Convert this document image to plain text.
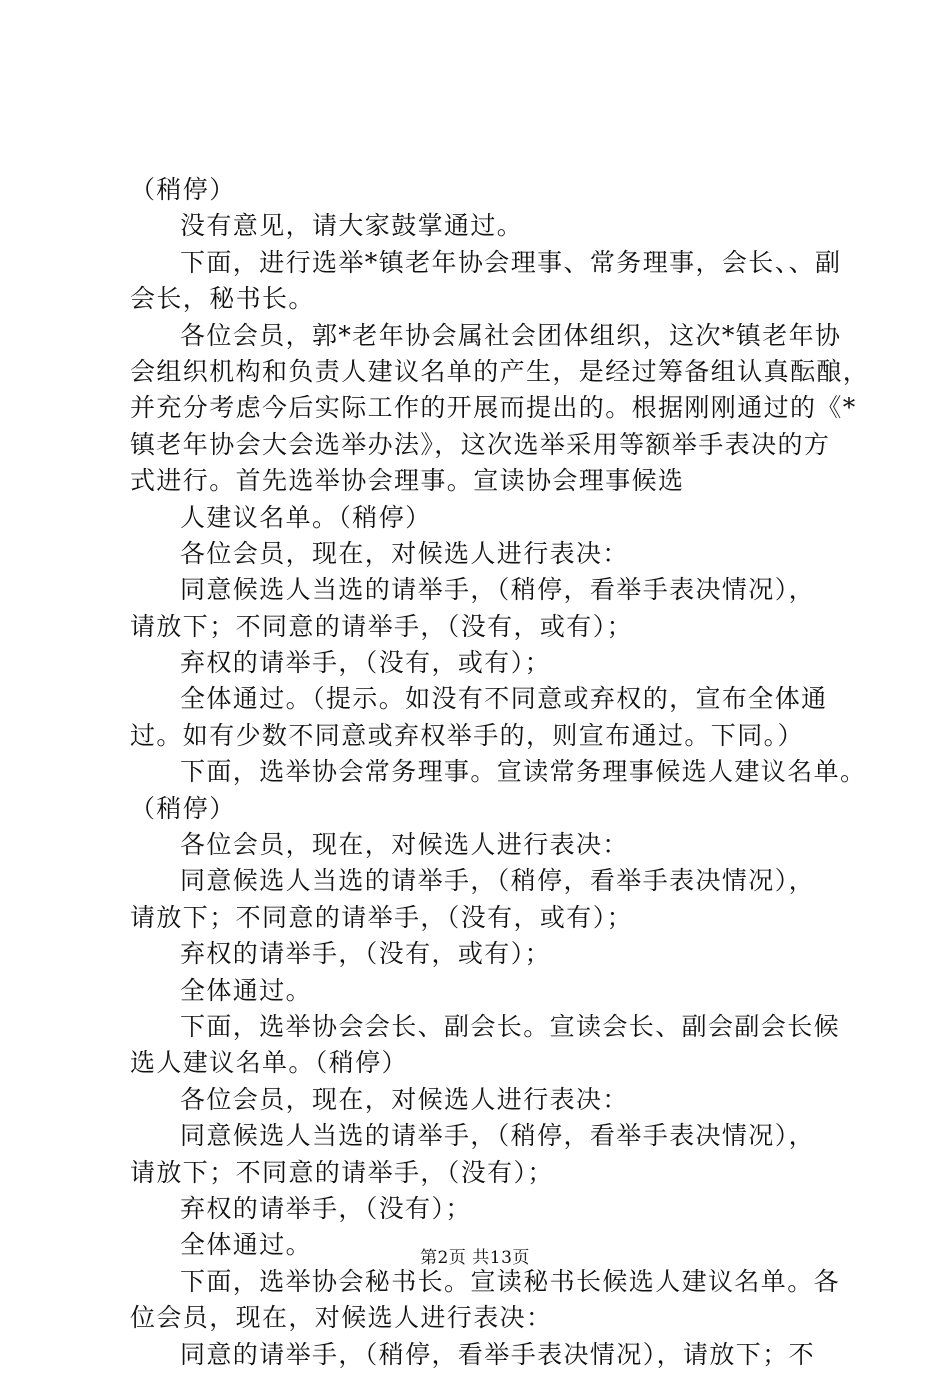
（稍停）
没有意见，请大家鼓掌通过。
下面，进行选举*镇老年协会理事、常务理事，会长、、副
会长，秘书长。
各位会员，郭*老年协会属社会团体组织，这次*镇老年协
会组织机构和负责人建议名单的产生，是经过筹备组认真酝酿，
并充分考虑今后实际工作的开展而提出的。根据刚刚通过的《*
镇老年协会大会选举办法》，这次选举采用等额举手表决的方
式进行。首先选举协会理事。宣读协会理事候选
人建议名单。（稍停）
各位会员，现在，对候选人进行表决：
同意候选人当选的请举手，（稍停，看举手表决情况），
请放下；不同意的请举手，（没有，或有）；
弃权的请举手，（没有，或有）；
全体通过。（提示。如没有不同意或弃权的，宣布全体通
过。如有少数不同意或弃权举手的，则宣布通过。下同。）
下面，选举协会常务理事。宣读常务理事候选人建议名单。
（稍停）
各位会员，现在，对候选人进行表决：
同意候选人当选的请举手，（稍停，看举手表决情况），
请放下；不同意的请举手，（没有，或有）；
弃权的请举手，（没有，或有）；
全体通过。
下面，选举协会会长、副会长。宣读会长、副会副会长候
选人建议名单。（稍停）
各位会员，现在，对候选人进行表决：
同意候选人当选的请举手，（稍停，看举手表决情况），
请放下；不同意的请举手，（没有）；
弃权的请举手，（没有）；
全体通过。
下面，选举协会秘书长。宣读秘书长候选人建议名单。各
位会员，现在，对候选人进行表决：
同意的请举手，（稍停，看举手表决情况），请放下；不
第2页 共13页
